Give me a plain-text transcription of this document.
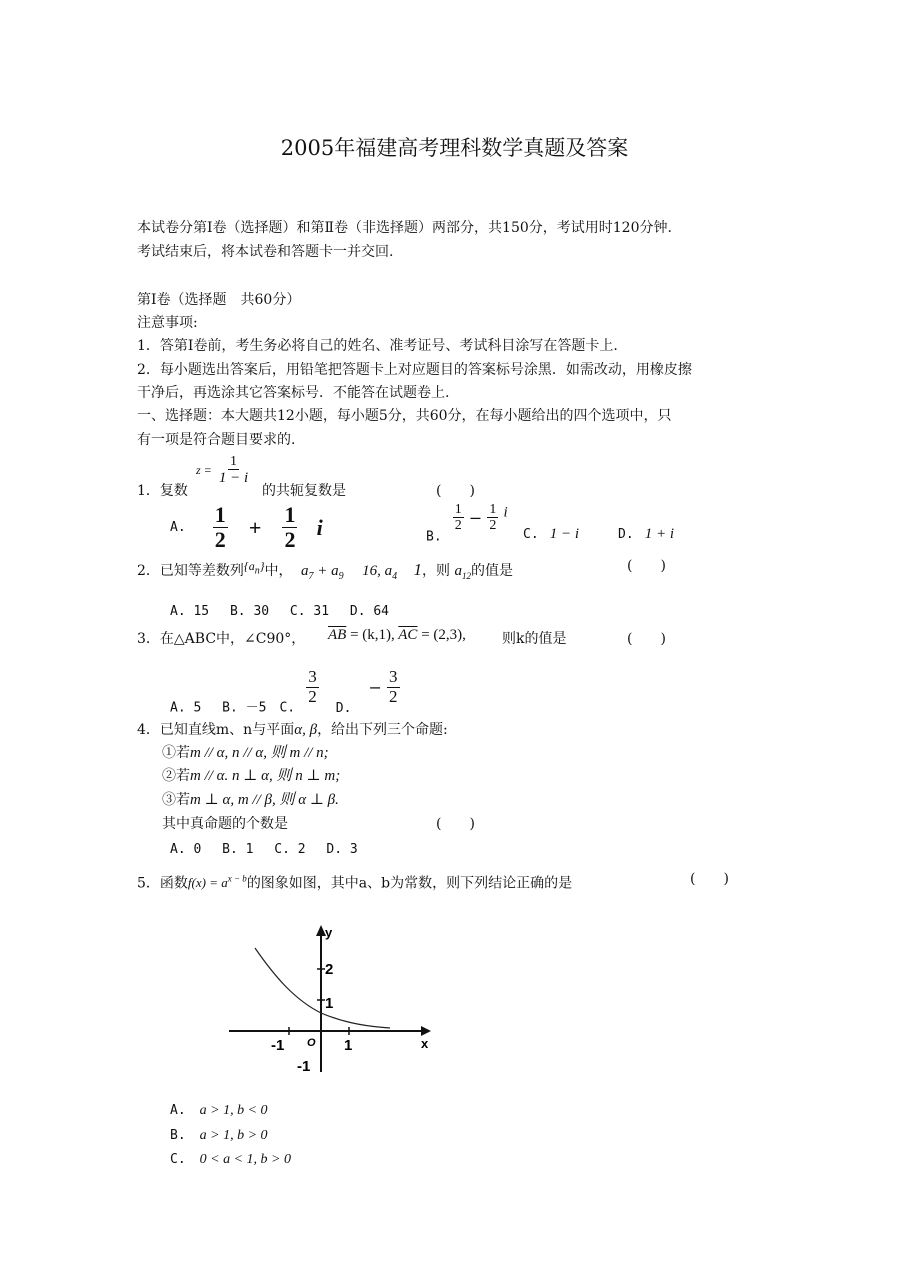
2005年福建高考理科数学真题及答案
本试卷分第Ⅰ卷（选择题）和第Ⅱ卷（非选择题）两部分，共150分，考试用时120分钟.
考试结束后，将本试卷和答题卡一并交回.
第Ⅰ卷（选择题　共60分）
注意事项:
1．答第Ⅰ卷前，考生务必将自己的姓名、准考证号、考试科目涂写在答题卡上.
2．每小题选出答案后，用铅笔把答题卡上对应题目的答案标号涂黑．如需改动，用橡皮擦
干净后，再选涂其它答案标号．不能答在试题卷上.
一、选择题：本大题共12小题，每小题5分，共60分，在每小题给出的四个选项中，只
有一项是符合题目要求的.
1．复数
$z = \frac{1}{1 - i}$
的共轭复数是	(　　)
A. $\frac{1}{2} + \frac{1}{2}$ i	$_{B.}$
$\frac{1}{2} - \frac{1}{2}$ i
C. 1 − i	D. 1 + i
2．已知等差数列$\{a_n\}$中， $a_7 + a_9$ 16, $a_4$ 1，则 $a_{12}$的值是	(　　)
A. 15　 B. 30　 C. 31　 D. 64
3．在△ABC中，∠C90°， $\overline{AB} = (k,1)$, $\overline{AC} = (2,3)$,	则k的值是	(　　)
$_{A. 5 B. -5 C.}$
$\frac{3}{2}$
$_{D.} - \frac{3}{2}$
4．已知直线m、n与平面α, β，给出下列三个命题:
①若m // α, n // α, 则 m // n;
②若m // α. n ⊥ α, 则 n ⊥ m;
③若m ⊥ α, m // β, 则 α ⊥ β.
其中真命题的个数是	(　　)
A. 0　 B. 1　 C. 2　 D. 3
5．函数$f(x) = a^{x - b}$的图象如图，其中a、b为常数，则下列结论正确的是	(　　)
y
x
O
2
1
-1
-1	1
A. a > 1, b < 0
B. a > 1, b > 0
C. 0 < a < 1, b > 0
